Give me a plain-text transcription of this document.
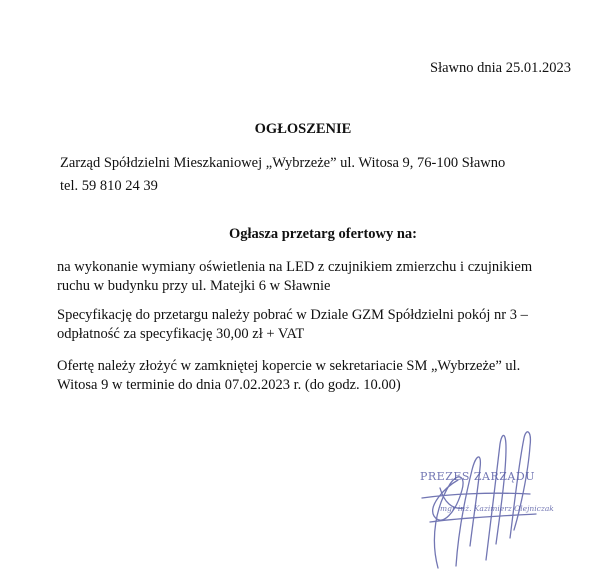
Sławno dnia 25.01.2023
OGŁOSZENIE
Zarząd Spółdzielni Mieszkaniowej „Wybrzeże” ul. Witosa 9, 76-100 Sławno
tel. 59 810 24 39
Ogłasza przetarg ofertowy na:
na wykonanie wymiany oświetlenia na LED z czujnikiem zmierzchu i czujnikiem
ruchu w budynku przy ul. Matejki 6 w Sławnie
Specyfikację do przetargu należy pobrać w Dziale GZM Spółdzielni pokój nr 3 –
odpłatność za specyfikację 30,00 zł + VAT
Ofertę należy złożyć w zamkniętej kopercie w sekretariacie SM „Wybrzeże” ul.
Witosa 9 w terminie do dnia 07.02.2023 r. (do godz. 10.00)
PREZES ZARZĄDU
mgr inż. Kazimierz Olejniczak
